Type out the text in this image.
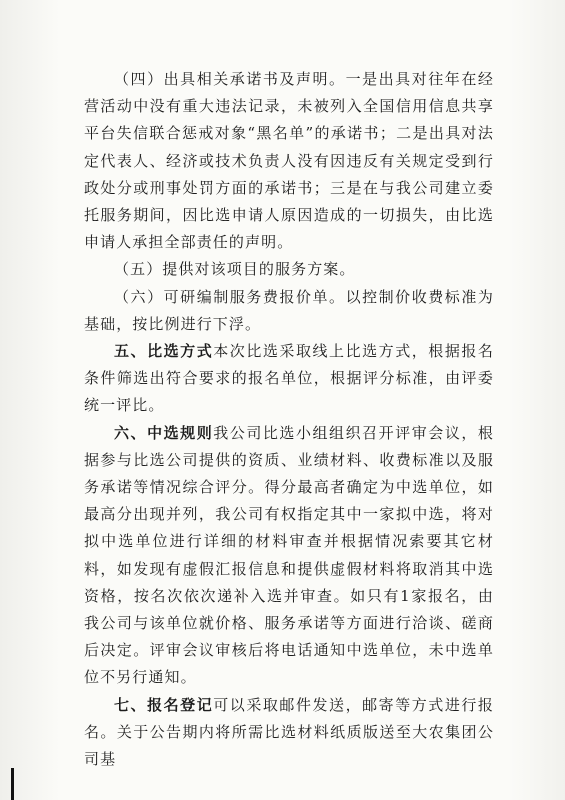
（四）出具相关承诺书及声明。一是出具对往年在经营活动中没有重大违法记录，未被列入全国信用信息共享平台失信联合惩戒对象“黑名单”的承诺书；二是出具对法定代表人、经济或技术负责人没有因违反有关规定受到行政处分或刑事处罚方面的承诺书；三是在与我公司建立委托服务期间，因比选申请人原因造成的一切损失，由比选申请人承担全部责任的声明。

（五）提供对该项目的服务方案。

（六）可研编制服务费报价单。以控制价收费标准为基础，按比例进行下浮。

五、比选方式本次比选采取线上比选方式，根据报名条件筛选出符合要求的报名单位，根据评分标准，由评委统一评比。

六、中选规则我公司比选小组组织召开评审会议，根据参与比选公司提供的资质、业绩材料、收费标准以及服务承诺等情况综合评分。得分最高者确定为中选单位，如最高分出现并列，我公司有权指定其中一家拟中选，将对拟中选单位进行详细的材料审查并根据情况索要其它材料，如发现有虚假汇报信息和提供虚假材料将取消其中选资格，按名次依次递补入选并审查。如只有1家报名，由我公司与该单位就价格、服务承诺等方面进行洽谈、磋商后决定。评审会议审核后将电话通知中选单位，未中选单位不另行通知。

七、报名登记可以采取邮件发送，邮寄等方式进行报名。关于公告期内将所需比选材料纸质版送至大农集团公司基
